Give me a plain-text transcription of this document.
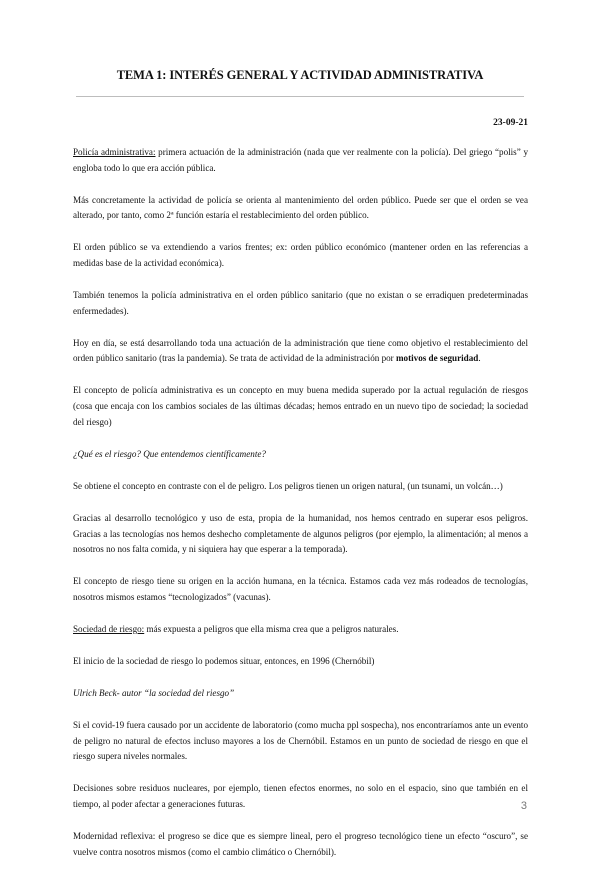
TEMA 1: INTERÉS GENERAL Y ACTIVIDAD ADMINISTRATIVA
23-09-21

Policía administrativa: primera actuación de la administración (nada que ver realmente con la policía). Del griego “polis” y engloba todo lo que era acción pública.

Más concretamente la actividad de policía se orienta al mantenimiento del orden público. Puede ser que el orden se vea alterado, por tanto, como 2ª función estaría el restablecimiento del orden público.

El orden público se va extendiendo a varios frentes; ex: orden público económico (mantener orden en las referencias a medidas base de la actividad económica).

También tenemos la policía administrativa en el orden público sanitario (que no existan o se erradiquen predeterminadas enfermedades).

Hoy en día, se está desarrollando toda una actuación de la administración que tiene como objetivo el restablecimiento del orden público sanitario (tras la pandemia). Se trata de actividad de la administración por motivos de seguridad.

El concepto de policía administrativa es un concepto en muy buena medida superado por la actual regulación de riesgos (cosa que encaja con los cambios sociales de las últimas décadas; hemos entrado en un nuevo tipo de sociedad; la sociedad del riesgo)

¿Qué es el riesgo? Que entendemos científicamente?

Se obtiene el concepto en contraste con el de peligro. Los peligros tienen un origen natural, (un tsunami, un volcán…)

Gracias al desarrollo tecnológico y uso de esta, propia de la humanidad, nos hemos centrado en superar esos peligros. Gracias a las tecnologías nos hemos deshecho completamente de algunos peligros (por ejemplo, la alimentación; al menos a nosotros no nos falta comida, y ni siquiera hay que esperar a la temporada).

El concepto de riesgo tiene su origen en la acción humana, en la técnica. Estamos cada vez más rodeados de tecnologías, nosotros mismos estamos “tecnologizados” (vacunas).

Sociedad de riesgo: más expuesta a peligros que ella misma crea que a peligros naturales.

El inicio de la sociedad de riesgo lo podemos situar, entonces, en 1996 (Chernóbil)

Ulrich Beck- autor “la sociedad del riesgo”

Si el covid-19 fuera causado por un accidente de laboratorio (como mucha ppl sospecha), nos encontraríamos ante un evento de peligro no natural de efectos incluso mayores a los de Chernóbil. Estamos en un punto de sociedad de riesgo en que el riesgo supera niveles normales.

Decisiones sobre residuos nucleares, por ejemplo, tienen efectos enormes, no solo en el espacio, sino que también en el tiempo, al poder afectar a generaciones futuras.

Modernidad reflexiva: el progreso se dice que es siempre lineal, pero el progreso tecnológico tiene un efecto “oscuro”, se vuelve contra nosotros mismos (como el cambio climático o Chernóbil).

3
